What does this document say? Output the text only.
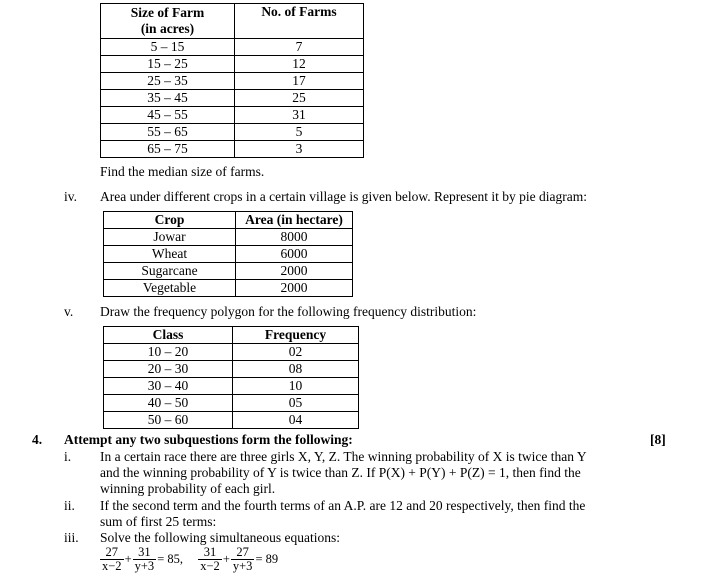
Size of Farm
(in acres)	No. of Farms
5 – 15	7
15 – 25	12
25 – 35	17
35 – 45	25
45 – 55	31
55 – 65	5
65 – 75	3
Find the median size of farms.
iv. Area under different crops in a certain village is given below. Represent it by pie diagram:
Crop	Area (in hectare)
Jowar	8000
Wheat	6000
Sugarcane	2000
Vegetable	2000
v. Draw the frequency polygon for the following frequency distribution:
Class	Frequency
10 – 20	02
20 – 30	08
30 – 40	10
40 – 50	05
50 – 60	04
4. Attempt any two subquestions form the following:	[8]
i. In a certain race there are three girls X, Y, Z. The winning probability of X is twice than Y
and the winning probability of Y is twice than Z. If P(X) + P(Y) + P(Z) = 1, then find the
winning probability of each girl.
ii. If the second term and the fourth terms of an A.P. are 12 and 20 respectively, then find the
sum of first 25 terms:
iii. Solve the following simultaneous equations:
$\frac{27}{x-2} + \frac{31}{y+3} = 85$, $\frac{31}{x-2} + \frac{27}{y+3} = 89$
